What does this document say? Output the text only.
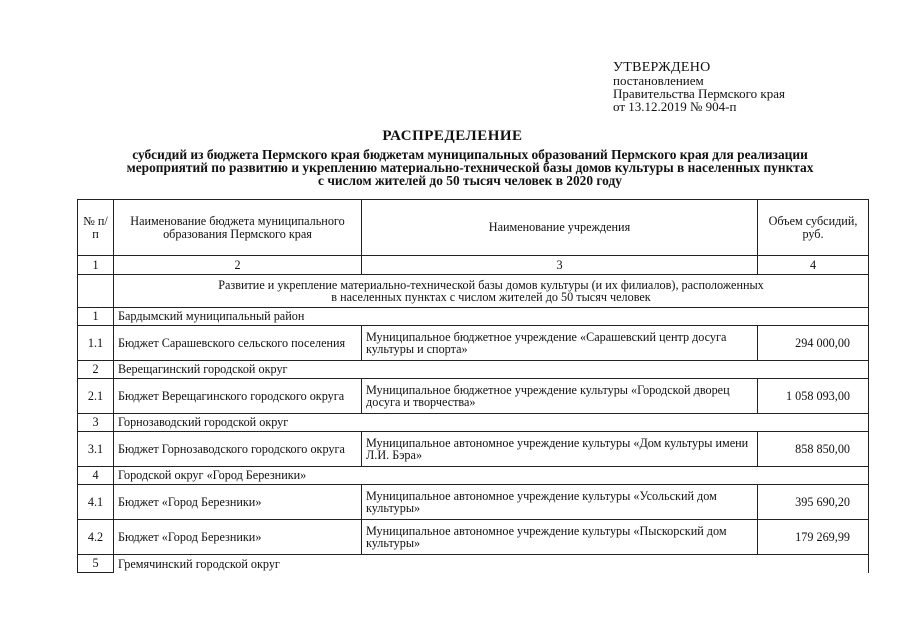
УТВЕРЖДЕНО
постановлением
Правительства Пермского края
от 13.12.2019 № 904-п
РАСПРЕДЕЛЕНИЕ
субсидий из бюджета Пермского края бюджетам муниципальных образований Пермского края для реализации
мероприятий по развитию и укреплению материально-технической базы домов культуры в населенных пунктах
с числом жителей до 50 тысяч человек в 2020 году
№ п/п	Наименование бюджета муниципального образования Пермского края	Наименование учреждения	Объем субсидий, руб.
1	2	3	4

	Развитие и укрепление материально-технической базы домов культуры (и их филиалов), расположенных
в населенных пунктах с числом жителей до 50 тысяч человек		

1	Бардымский муниципальный район		
1.1	Бюджет Сарашевского сельского поселения	Муниципальное бюджетное учреждение «Сарашевский центр досуга культуры и спорта»	294 000,00
2	Верещагинский городской округ		
2.1	Бюджет Верещагинского городского округа	Муниципальное бюджетное учреждение культуры «Городской дворец досуга и творчества»	1 058 093,00
3	Горнозаводский городской округ		
3.1	Бюджет Горнозаводского городского округа	Муниципальное автономное учреждение культуры «Дом культуры имени Л.И. Бэра»	858 850,00
4	Городской округ «Город Березники»		
4.1	Бюджет «Город Березники»	Муниципальное автономное учреждение культуры «Усольский дом культуры»	395 690,20
4.2	Бюджет «Город Березники»	Муниципальное автономное учреждение культуры «Пыскорский дом культуры»	179 269,99
5	Гремячинский городской округ		
